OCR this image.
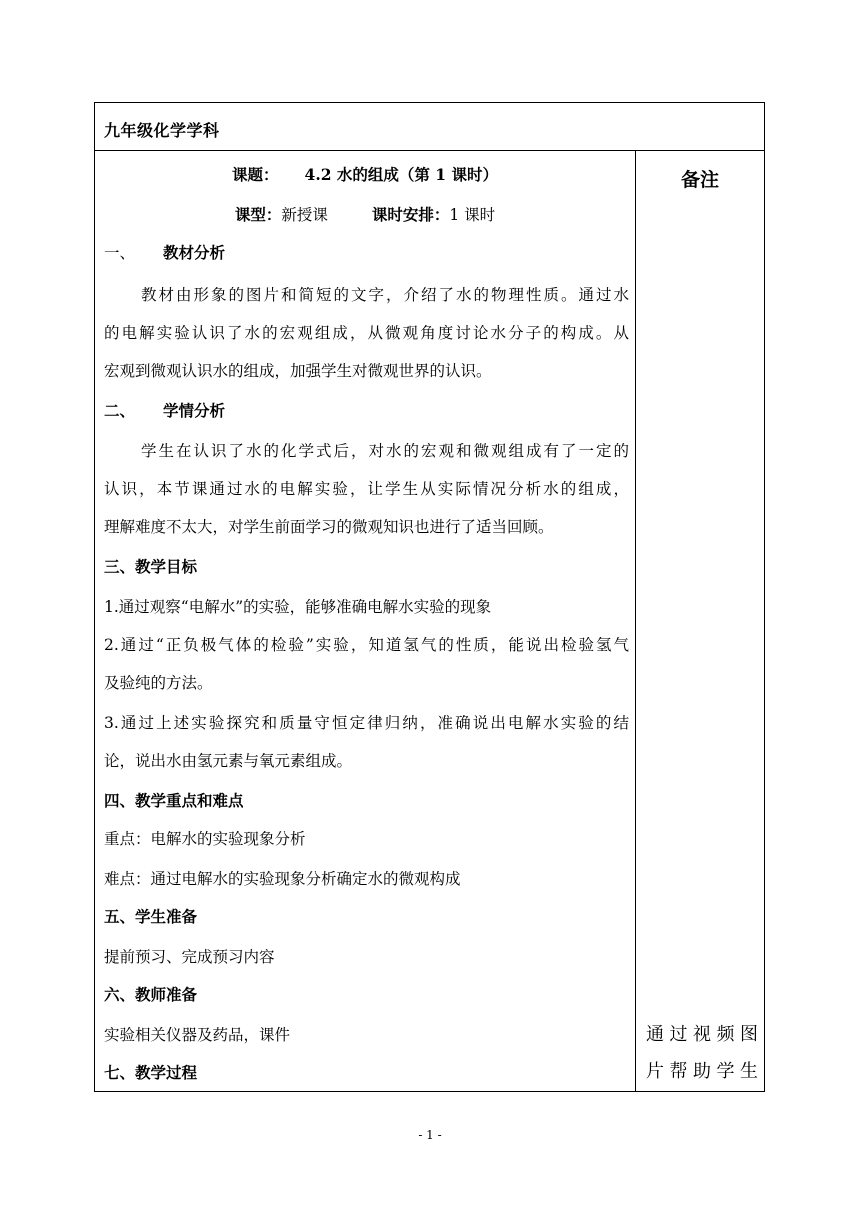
九年级化学学科
课题： 4.2 水的组成（第 1 课时）
课型：新授课	课时安排：1 课时
一、 教材分析
教材由形象的图片和简短的文字，介绍了水的物理性质。通过水
的电解实验认识了水的宏观组成，从微观角度讨论水分子的构成。从
宏观到微观认识水的组成，加强学生对微观世界的认识。
二、 学情分析
学生在认识了水的化学式后，对水的宏观和微观组成有了一定的
认识，本节课通过水的电解实验，让学生从实际情况分析水的组成，
理解难度不太大，对学生前面学习的微观知识也进行了适当回顾。
三、教学目标
1.通过观察“电解水”的实验，能够准确电解水实验的现象
2.通过“正负极气体的检验”实验，知道氢气的性质，能说出检验氢气
及验纯的方法。
3.通过上述实验探究和质量守恒定律归纳，准确说出电解水实验的结
论，说出水由氢元素与氧元素组成。
四、教学重点和难点
重点：电解水的实验现象分析
难点：通过电解水的实验现象分析确定水的微观构成
五、学生准备
提前预习、完成预习内容
六、教师准备
实验相关仪器及药品，课件
七、教学过程
备注
通过视频图
片帮助学生
- 1 -
